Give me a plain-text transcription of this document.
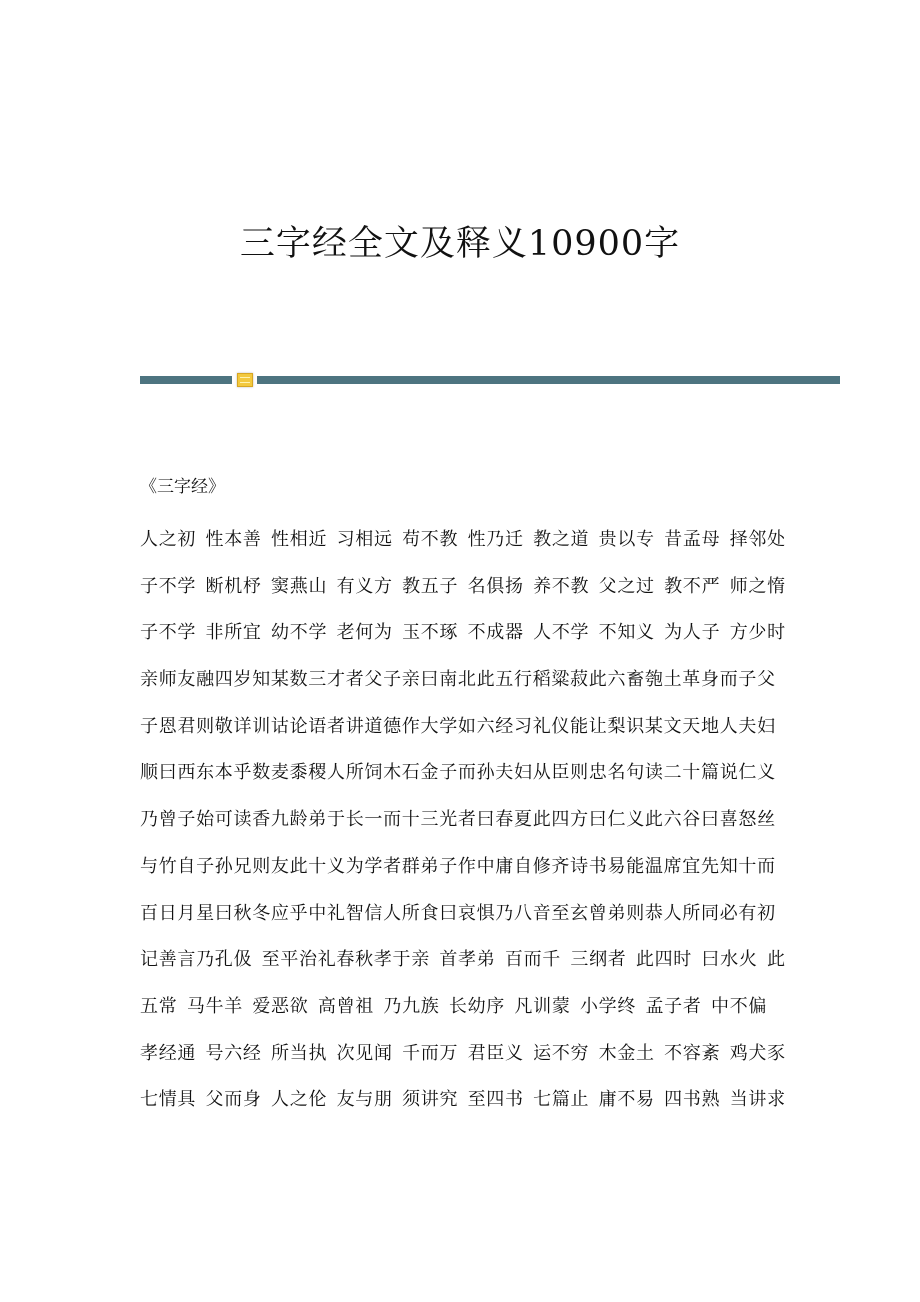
三字经全文及释义10900字
《三字经》
人之初 性本善 性相近 习相远 苟不教 性乃迁 教之道 贵以专 昔孟母 择邻处
子不学 断机杼 窦燕山 有义方 教五子 名俱扬 养不教 父之过 教不严 师之惰
子不学 非所宜 幼不学 老何为 玉不琢 不成器 人不学 不知义 为人子 方少时
亲师友融四岁知某数三才者父子亲曰南北此五行稻粱菽此六畜匏土革身而子父
子恩君则敬详训诂论语者讲道德作大学如六经习礼仪能让梨识某文天地人夫妇
顺曰西东本乎数麦黍稷人所饲木石金子而孙夫妇从臣则忠名句读二十篇说仁义
乃曾子始可读香九龄弟于长一而十三光者曰春夏此四方曰仁义此六谷曰喜怒丝
与竹自子孙兄则友此十义为学者群弟子作中庸自修齐诗书易能温席宜先知十而
百日月星曰秋冬应乎中礼智信人所食曰哀惧乃八音至玄曾弟则恭人所同必有初
记善言乃孔伋 至平治礼春秋孝于亲 首孝弟 百而千 三纲者 此四时 曰水火 此
五常 马牛羊 爱恶欲 高曾祖 乃九族 长幼序 凡训蒙 小学终 孟子者 中不偏
孝经通 号六经 所当执 次见闻 千而万 君臣义 运不穷 木金土 不容紊 鸡犬豕
七情具 父而身 人之伦 友与朋 须讲究 至四书 七篇止 庸不易 四书熟 当讲求
